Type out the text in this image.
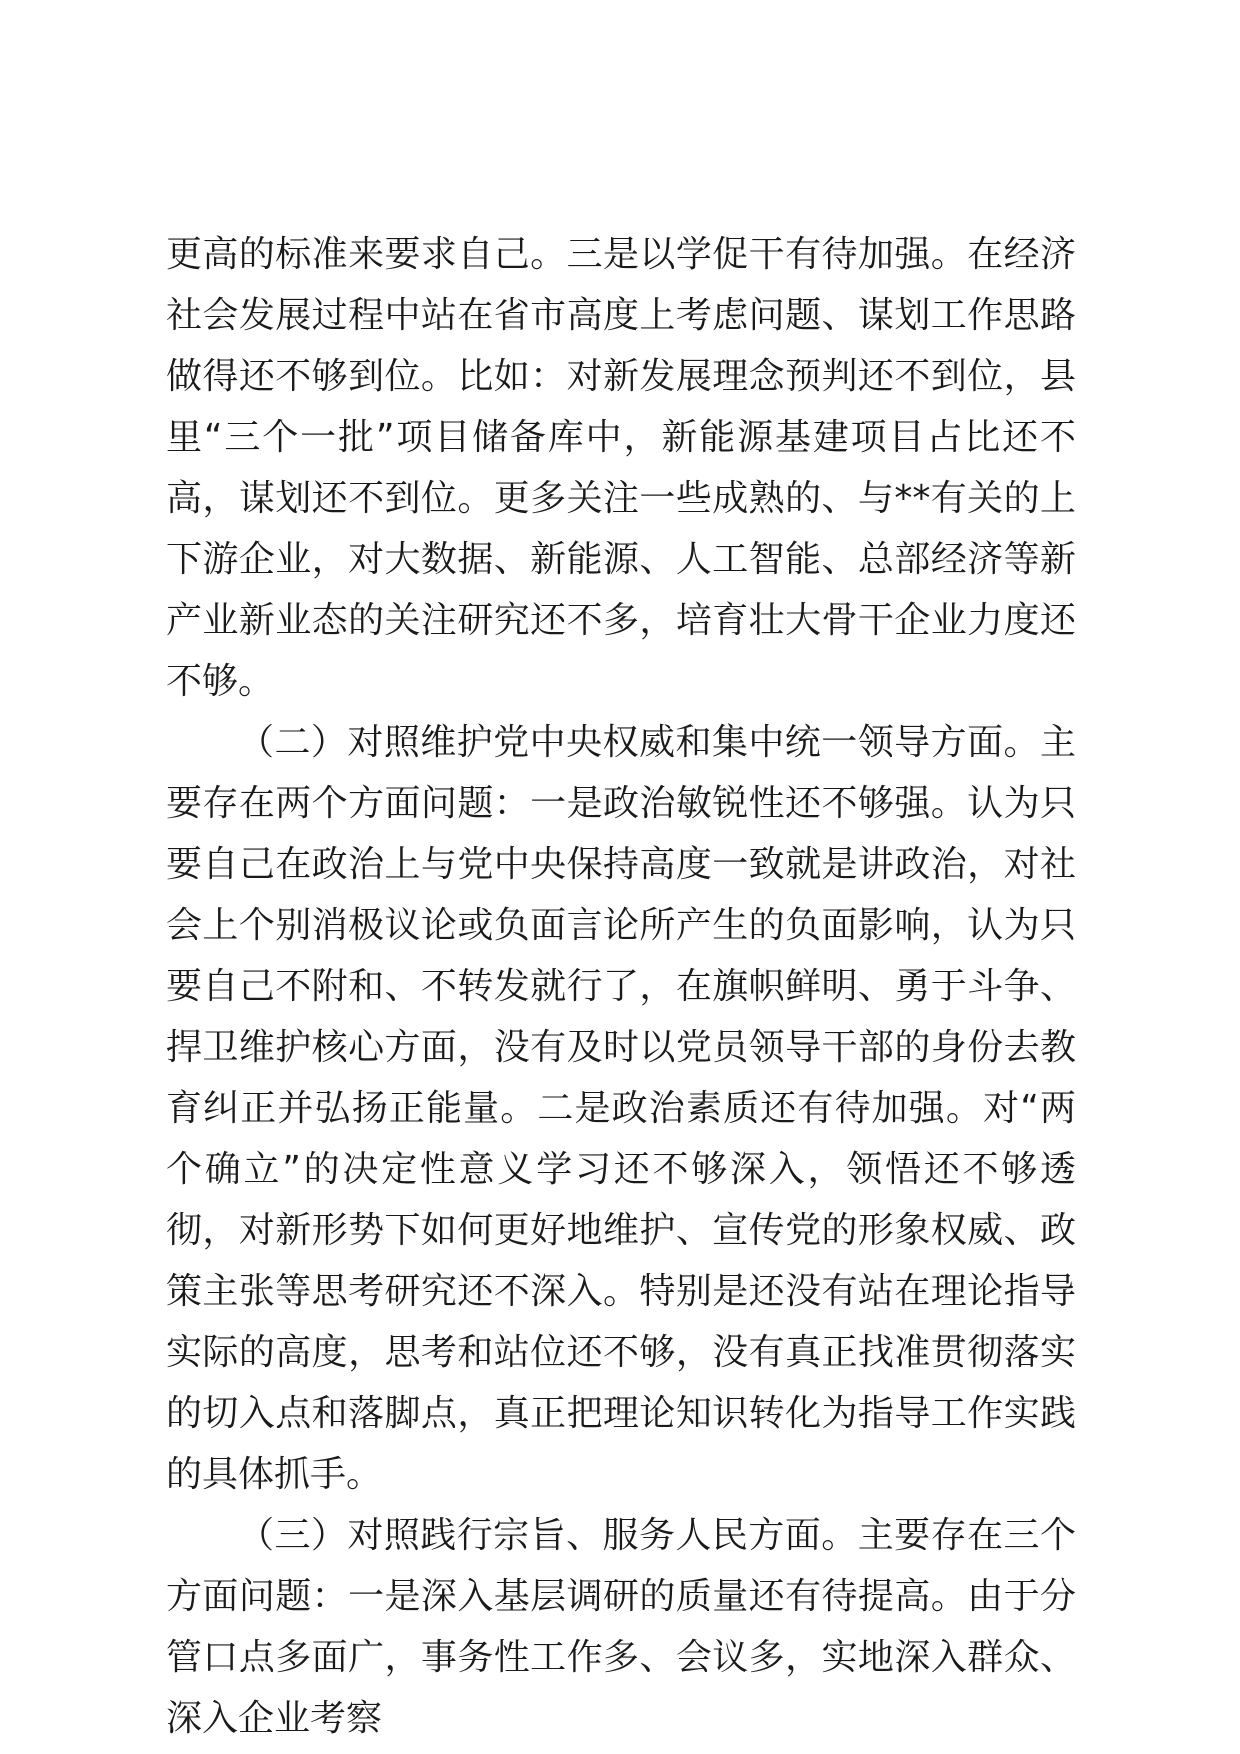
更高的标准来要求自己。三是以学促干有待加强。在经济社会发展过程中站在省市高度上考虑问题、谋划工作思路做得还不够到位。比如：对新发展理念预判还不到位，县里“三个一批”项目储备库中，新能源基建项目占比还不高，谋划还不到位。更多关注一些成熟的、与**有关的上下游企业，对大数据、新能源、人工智能、总部经济等新产业新业态的关注研究还不多，培育壮大骨干企业力度还不够。

（二）对照维护党中央权威和集中统一领导方面。主要存在两个方面问题：一是政治敏锐性还不够强。认为只要自己在政治上与党中央保持高度一致就是讲政治，对社会上个别消极议论或负面言论所产生的负面影响，认为只要自己不附和、不转发就行了，在旗帜鲜明、勇于斗争、捍卫维护核心方面，没有及时以党员领导干部的身份去教育纠正并弘扬正能量。二是政治素质还有待加强。对“两个确立”的决定性意义学习还不够深入，领悟还不够透彻，对新形势下如何更好地维护、宣传党的形象权威、政策主张等思考研究还不深入。特别是还没有站在理论指导实际的高度，思考和站位还不够，没有真正找准贯彻落实的切入点和落脚点，真正把理论知识转化为指导工作实践的具体抓手。

（三）对照践行宗旨、服务人民方面。主要存在三个方面问题：一是深入基层调研的质量还有待提高。由于分管口点多面广，事务性工作多、会议多，实地深入群众、深入企业考察
